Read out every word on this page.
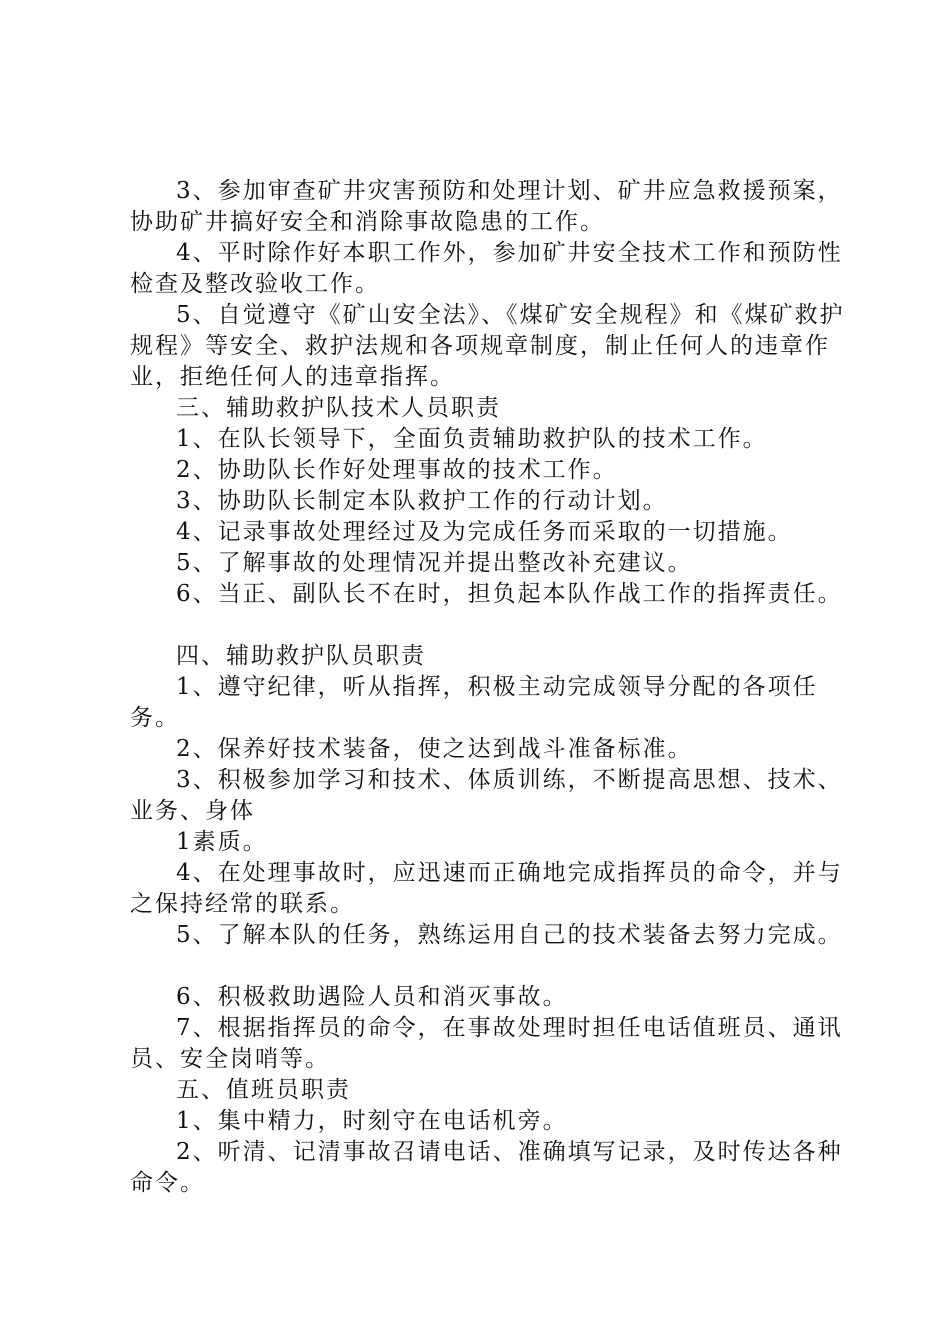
3、参加审查矿井灾害预防和处理计划、矿井应急救援预案，协助矿井搞好安全和消除事故隐患的工作。

4、平时除作好本职工作外，参加矿井安全技术工作和预防性检查及整改验收工作。

5、自觉遵守《矿山安全法》、《煤矿安全规程》和《煤矿救护规程》等安全、救护法规和各项规章制度，制止任何人的违章作业，拒绝任何人的违章指挥。

三、辅助救护队技术人员职责

1、在队长领导下，全面负责辅助救护队的技术工作。

2、协助队长作好处理事故的技术工作。

3、协助队长制定本队救护工作的行动计划。

4、记录事故处理经过及为完成任务而采取的一切措施。

5、了解事故的处理情况并提出整改补充建议。

6、当正、副队长不在时，担负起本队作战工作的指挥责任。

四、辅助救护队员职责

1、遵守纪律，听从指挥，积极主动完成领导分配的各项任务。

2、保养好技术装备，使之达到战斗准备标准。

3、积极参加学习和技术、体质训练，不断提高思想、技术、业务、身体

1素质。

4、在处理事故时，应迅速而正确地完成指挥员的命令，并与之保持经常的联系。

5、了解本队的任务，熟练运用自己的技术装备去努力完成。

6、积极救助遇险人员和消灭事故。

7、根据指挥员的命令，在事故处理时担任电话值班员、通讯员、安全岗哨等。

五、值班员职责

1、集中精力，时刻守在电话机旁。

2、听清、记清事故召请电话、准确填写记录，及时传达各种命令。
